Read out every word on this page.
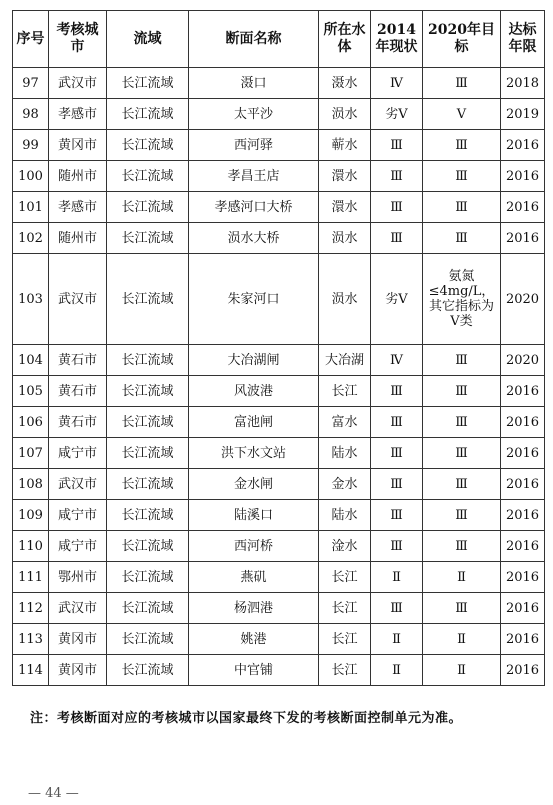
序号	考核城市	流域	断面名称	所在水体	2014年现状	2020年目标	达标年限
97	武汉市	长江流域	滠口	滠水	Ⅳ	Ⅲ	2018
98	孝感市	长江流域	太平沙	涢水	劣Ⅴ	Ⅴ	2019
99	黄冈市	长江流域	西河驿	蕲水	Ⅲ	Ⅲ	2016
100	随州市	长江流域	孝昌王店	澴水	Ⅲ	Ⅲ	2016
101	孝感市	长江流域	孝感河口大桥	澴水	Ⅲ	Ⅲ	2016
102	随州市	长江流域	涢水大桥	涢水	Ⅲ	Ⅲ	2016
103	武汉市	长江流域	朱家河口	涢水	劣Ⅴ	氨氮≤4mg/L，其它指标为Ⅴ类	2020
104	黄石市	长江流域	大冶湖闸	大冶湖	Ⅳ	Ⅲ	2020
105	黄石市	长江流域	风波港	长江	Ⅲ	Ⅲ	2016
106	黄石市	长江流域	富池闸	富水	Ⅲ	Ⅲ	2016
107	咸宁市	长江流域	洪下水文站	陆水	Ⅲ	Ⅲ	2016
108	武汉市	长江流域	金水闸	金水	Ⅲ	Ⅲ	2016
109	咸宁市	长江流域	陆溪口	陆水	Ⅲ	Ⅲ	2016
110	咸宁市	长江流域	西河桥	淦水	Ⅲ	Ⅲ	2016
111	鄂州市	长江流域	燕矶	长江	Ⅱ	Ⅱ	2016
112	武汉市	长江流域	杨泗港	长江	Ⅲ	Ⅲ	2016
113	黄冈市	长江流域	姚港	长江	Ⅱ	Ⅱ	2016
114	黄冈市	长江流域	中官铺	长江	Ⅱ	Ⅱ	2016
注：考核断面对应的考核城市以国家最终下发的考核断面控制单元为准。
— 44 —
